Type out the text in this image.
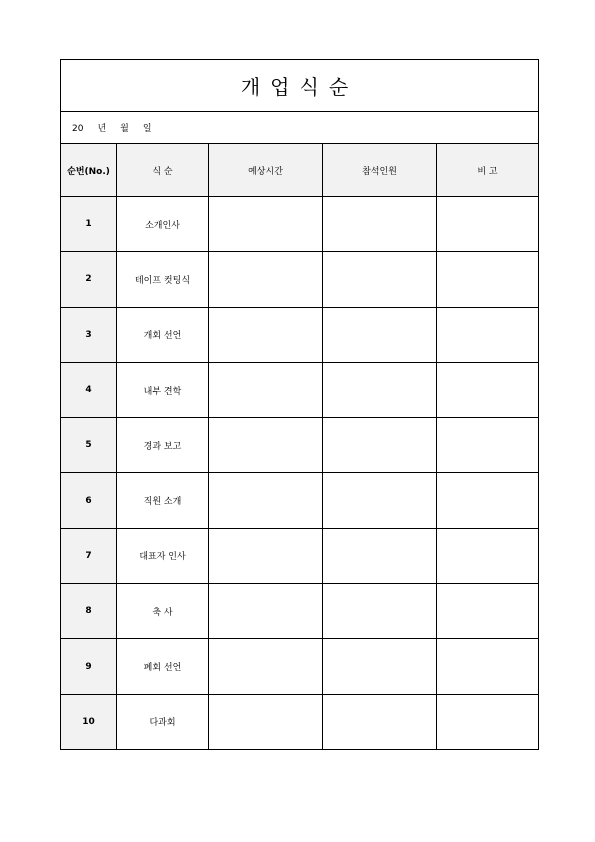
개업식순				
20 년 월 일				
순번(No.)	식 순	예상시간	참석인원	비 고
1	소개인사			
2	테이프 컷팅식			
3	개회 선언			
4	내부 견학			
5	경과 보고			
6	직원 소개			
7	대표자 인사			
8	축 사			
9	폐회 선언			
10	다과회			
